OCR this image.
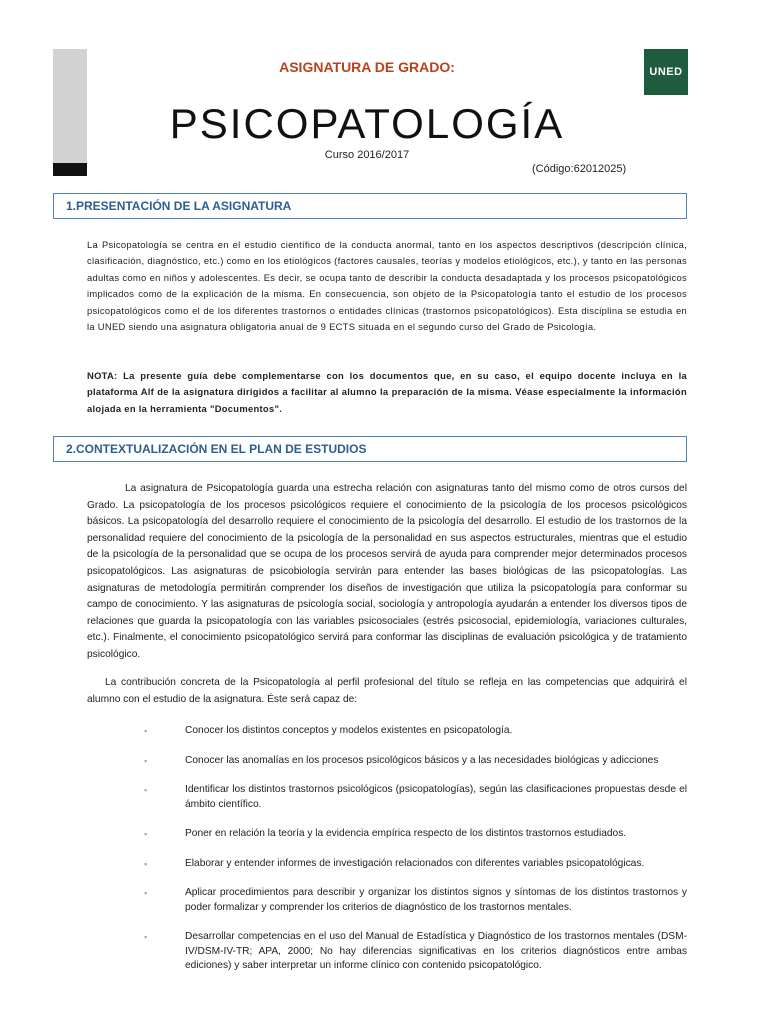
ASIGNATURA DE GRADO:	UNED
PSICOPATOLOGÍA
Curso 2016/2017
(Código:62012025)
1.PRESENTACIÓN DE LA ASIGNATURA
La Psicopatología se centra en el estudio científico de la conducta anormal, tanto en los aspectos descriptivos (descripción clínica, clasificación, diagnóstico, etc.) como en los etiológicos (factores causales, teorías y modelos etiológicos, etc.), y tanto en las personas adultas como en niños y adolescentes. Es decir, se ocupa tanto de describir la conducta desadaptada y los procesos psicopatológicos implicados como de la explicación de la misma. En consecuencia, son objeto de la Psicopatología tanto el estudio de los procesos psicopatológicos como el de los diferentes trastornos o entidades clínicas (trastornos psicopatológicos). Esta disciplina se estudia en la UNED siendo una asignatura obligatoria anual de 9 ECTS situada en el segundo curso del Grado de Psicología.
NOTA: La presente guía debe complementarse con los documentos que, en su caso, el equipo docente incluya en la plataforma Alf de la asignatura dirigidos a facilitar al alumno la preparación de la misma. Véase especialmente la información alojada en la herramienta "Documentos".
2.CONTEXTUALIZACIÓN EN EL PLAN DE ESTUDIOS
La asignatura de Psicopatología guarda una estrecha relación con asignaturas tanto del mismo como de otros cursos del Grado. La psicopatología de los procesos psicológicos requiere el conocimiento de la psicología de los procesos psicológicos básicos. La psicopatología del desarrollo requiere el conocimiento de la psicología del desarrollo. El estudio de los trastornos de la personalidad requiere del conocimiento de la psicología de la personalidad en sus aspectos estructurales, mientras que el estudio de la psicología de la personalidad que se ocupa de los procesos servirá de ayuda para comprender mejor determinados procesos psicopatológicos. Las asignaturas de psicobiología servirán para entender las bases biológicas de las psicopatologías. Las asignaturas de metodología permitirán comprender los diseños de investigación que utiliza la psicopatología para conformar su campo de conocimiento. Y las asignaturas de psicología social, sociología y antropología ayudarán a entender los diversos tipos de relaciones que guarda la psicopatología con las variables psicosociales (estrés psicosocial, epidemiología, variaciones culturales, etc.). Finalmente, el conocimiento psicopatológico servirá para conformar las disciplinas de evaluación psicológica y de tratamiento psicológico.
La contribución concreta de la Psicopatología al perfil profesional del título se refleja en las competencias que adquirirá el alumno con el estudio de la asignatura. Éste será capaz de:
▪	Conocer los distintos conceptos y modelos existentes en psicopatología.
▪	Conocer las anomalías en los procesos psicológicos básicos y a las necesidades biológicas y adicciones
▪	Identificar los distintos trastornos psicológicos (psicopatologías), según las clasificaciones propuestas desde el ámbito científico.
▪	Poner en relación la teoría y la evidencia empírica respecto de los distintos trastornos estudiados.
▪	Elaborar y entender informes de investigación relacionados con diferentes variables psicopatológicas.
▪	Aplicar procedimientos para describir y organizar los distintos signos y síntomas de los distintos trastornos y poder formalizar y comprender los criterios de diagnóstico de los trastornos mentales.
▪	Desarrollar competencias en el uso del Manual de Estadística y Diagnóstico de los trastornos mentales (DSM-IV/DSM-IV-TR; APA, 2000; No hay diferencias significativas en los criterios diagnósticos entre ambas ediciones) y saber interpretar un informe clínico con contenido psicopatológico.
